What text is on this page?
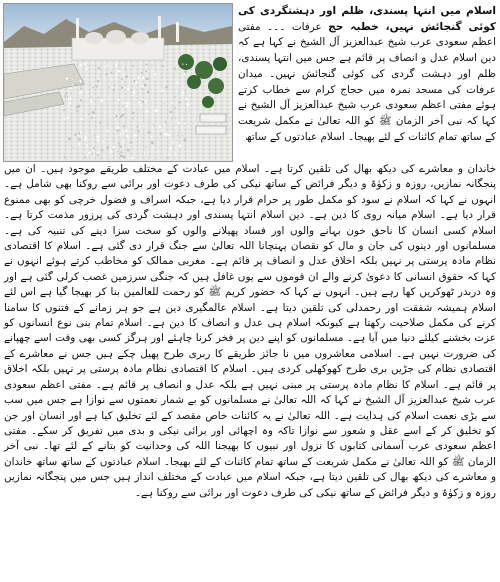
اسلام میں انتہا پسندی، ظلم اور دہشتگردی کی کوئی گنجائش نہیں، خطبہ حج عرفات ۔۔۔ مفتی اعظم سعودی عرب شیخ عبدالعزیز آل الشیخ نے کہا ہے کہ دین اسلام عدل و انصاف پر قائم ہے جس میں انتہا پسندی، ظلم اور دہشت گردی کی کوئی گنجائش نہیں۔ میدان عرفات کی مسجد نمرہ میں حجاج کرام سے خطاب کرتے ہوئے مفتی اعظم سعودی عرب شیخ عبدالعزیز آل الشیخ نے کہا کہ نبی آخر الزمان ﷺ کو اللہ تعالیٰ نے مکمل شریعت کے ساتھ تمام کائنات کے لئے بھیجا۔ اسلام عبادتوں کے ساتھ

خاندان و معاشرے کی دیکھ بھال کی تلقین کرتا ہے۔ اسلام میں عبادت کے مختلف طریقے موجود ہیں۔ ان میں پنجگانہ نمازیں، روزہ و زکوٰۃ و دیگر فرائض کے ساتھ نیکی کی طرف دعوت اور برائی سے روکنا بھی شامل ہے۔ انہوں نے کہا کہ اسلام نے سود کو مکمل طور پر حرام قرار دیا ہے، جبکہ اسراف و فضول خرچی کو بھی ممنوع قرار دیا ہے۔ اسلام میانہ روی کا دین ہے۔ دین اسلام انتہا پسندی اور دہشت گردی کی پرزور مذمت کرتا ہے۔ اسلام کسی انسان کا ناحق خون بہانے والوں اور فساد پھیلانے والوں کو سخت سزا دینے کی تنبیہ کی ہے۔ مسلمانوں اور دینوں کی جان و مال کو نقصان پہنچانا اللہ تعالیٰ سے جنگ قرار دی گئی ہے۔ اسلام کا اقتصادی نظام مادہ پرستی پر نہیں بلکہ اخلاق عدل و انصاف پر قائم ہے۔ مغربی ممالک کو مخاطب کرتے ہوئے انہوں نے کہا کہ حقوق انسانی کا دعویٰ کرنے والے ان قوموں سے یوں غافل ہیں کہ جنگی سرزمین غصب کرلی گئی ہے اور وہ دربدر ٹھوکریں کھا رہے ہیں۔ انہوں نے کہا کہ حضور کریم ﷺ کو رحمت للعالمین بنا کر بھیجا گیا ہے اس لئے اسلام ہمیشہ شفقت اور رحمدلی کی تلقین دیتا ہے۔ اسلام عالمگیری دین ہے جو ہر زمانے کے فتنوں کا سامنا کرنے کی مکمل صلاحیت رکھتا ہے کیونکہ اسلام ہی عدل و انصاف کا دین ہے۔ اسلام تمام بنی نوع انسانوں کو عزت بخشنے کیلئے دنیا میں آیا ہے۔ مسلمانوں کو اپنے دین پر فخر کرنا چاہئے اور ہرگز کسی بھی وقت اسے چھپانے کی ضرورت نہیں ہے۔ اسلامی معاشروں میں نا جائز طریقے کا ربری طرح پھیل چکے ہیں جس نے معاشرے کے اقتصادی نظام کی جڑیں بری طرح کھوکھلی کردی ہیں۔ اسلام کا اقتصادی نظام مادہ پرستی پر نہیں بلکہ اخلاق پر قائم ہے۔ اسلام کا نظام مادہ پرستی پر مبنی نہیں ہے بلکہ عدل و انصاف پر قائم ہے۔ مفتی اعظم سعودی عرب شیخ عبدالعزیز آل الشیخ نے کہا کہ اللہ تعالیٰ نے مسلمانوں کو بے شمار نعمتوں سے نوازا ہے جس میں سب سے بڑی نعمت اسلام کی ہدایت ہے۔ اللہ تعالیٰ نے یہ کائنات خاص مقصد کے لئے تخلیق کیا ہے اور انسان اور جن کو تخلیق کر کے اسے عقل و شعور سے نوازا تاکہ وہ اچھائی اور برائی نیکی و بدی میں تفریق کر سکے۔ مفتی اعظم سعودی عرب آسمانی کتابوں کا نزول اور نبیوں کا بھیجنا اللہ کی وحدانیت کو بتانے کے لئے تھا۔ نبی آخر الزمان ﷺ کو اللہ تعالیٰ نے مکمل شریعت کے ساتھ تمام کائنات کے لئے بھیجا۔ اسلام عبادتوں کے ساتھ ساتھ خاندان و معاشرے کی دیکھ بھال کی تلقین دیتا ہے، جبکہ اسلام میں عبادت کے مختلف انداز ہیں جس میں پنجگانہ نمازیں روزہ و زکوٰۃ و دیگر فرائض کے ساتھ نیکی کی طرف دعوت اور برائی سے روکنا ہے۔
